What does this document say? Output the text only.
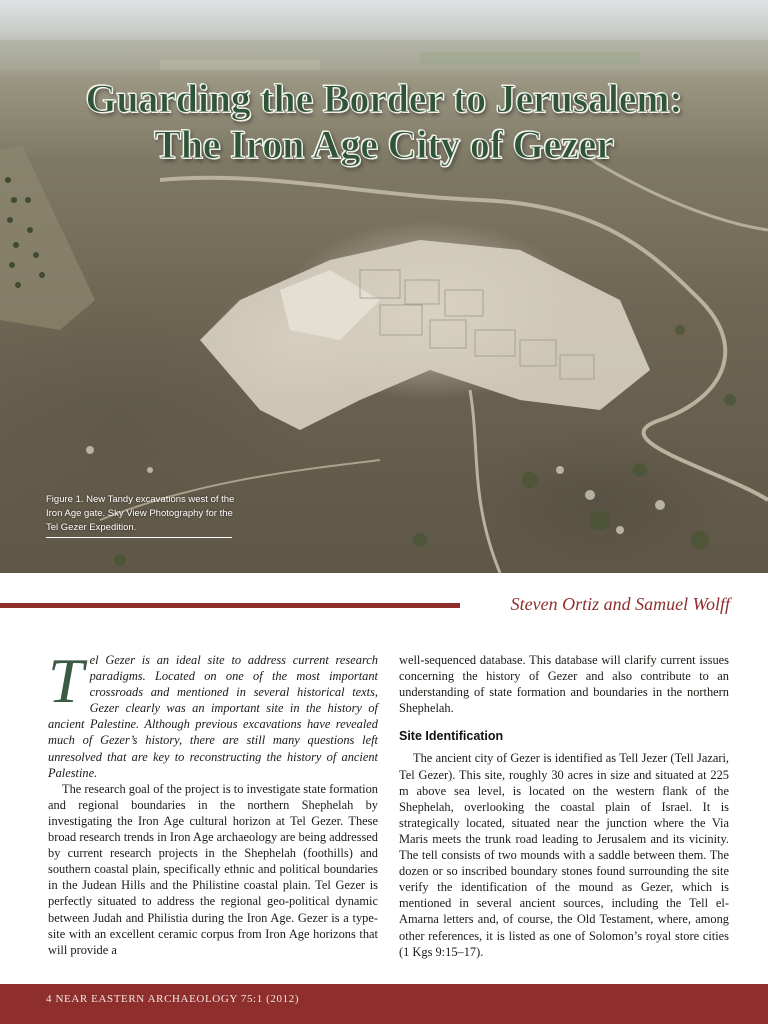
Guarding the Border to Jerusalem:
The Iron Age City of Gezer
Figure 1. New Tandy excavations west of the Iron Age gate. Sky View Photography for the Tel Gezer Expedition.
Steven Ortiz and Samuel Wolff

Tel Gezer is an ideal site to address current research paradigms. Located on one of the most important crossroads and mentioned in several historical texts, Gezer clearly was an important site in the history of ancient Palestine. Although previous excavations have revealed much of Gezer’s history, there are still many questions left unresolved that are key to reconstructing the history of ancient Palestine.

The research goal of the project is to investigate state formation and regional boundaries in the northern Shephelah by investigating the Iron Age cultural horizon at Tel Gezer. These broad research trends in Iron Age archaeology are being addressed by current research projects in the Shephelah (foothills) and southern coastal plain, specifically ethnic and political boundaries in the Judean Hills and the Philistine coastal plain. Tel Gezer is perfectly situated to address the regional geo-political dynamic between Judah and Philistia during the Iron Age. Gezer is a type-site with an excellent ceramic corpus from Iron Age horizons that will provide a

well-sequenced database. This database will clarify current issues concerning the history of Gezer and also contribute to an understanding of state formation and boundaries in the northern Shephelah.

Site Identification

The ancient city of Gezer is identified as Tell Jezer (Tell Jazari, Tel Gezer). This site, roughly 30 acres in size and situated at 225 m above sea level, is located on the western flank of the Shephelah, overlooking the coastal plain of Israel. It is strategically located, situated near the junction where the Via Maris meets the trunk road leading to Jerusalem and its vicinity. The tell consists of two mounds with a saddle between them. The dozen or so inscribed boundary stones found surrounding the site verify the identification of the mound as Gezer, which is mentioned in several ancient sources, including the Tell el-Amarna letters and, of course, the Old Testament, where, among other references, it is listed as one of Solomon’s royal store cities (1 Kgs 9:15–17).

4 NEAR EASTERN ARCHAEOLOGY 75:1 (2012)
